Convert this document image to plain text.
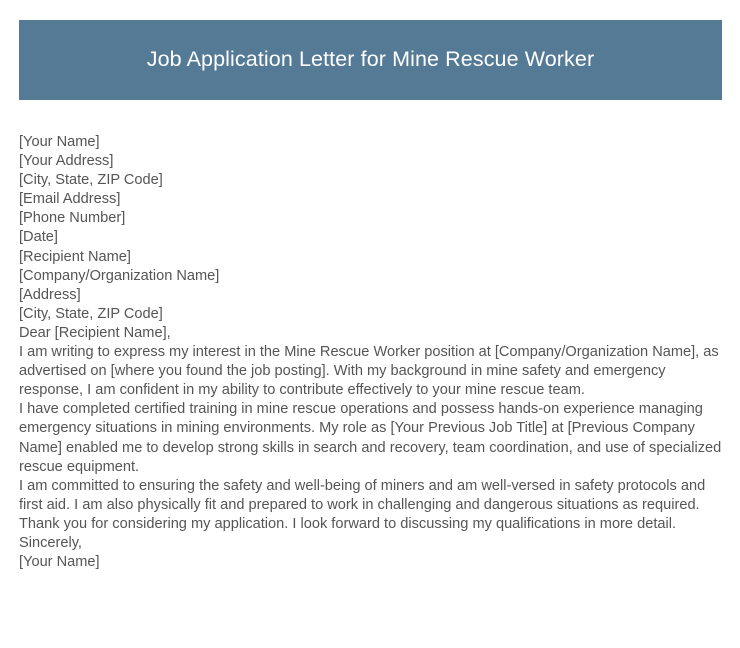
Job Application Letter for Mine Rescue Worker
[Your Name]
[Your Address]
[City, State, ZIP Code]
[Email Address]
[Phone Number]
[Date]
[Recipient Name]
[Company/Organization Name]
[Address]
[City, State, ZIP Code]
Dear [Recipient Name],
I am writing to express my interest in the Mine Rescue Worker position at [Company/Organization Name], as advertised on [where you found the job posting]. With my background in mine safety and emergency response, I am confident in my ability to contribute effectively to your mine rescue team.
I have completed certified training in mine rescue operations and possess hands-on experience managing emergency situations in mining environments. My role as [Your Previous Job Title] at [Previous Company Name] enabled me to develop strong skills in search and recovery, team coordination, and use of specialized rescue equipment.
I am committed to ensuring the safety and well-being of miners and am well-versed in safety protocols and first aid. I am also physically fit and prepared to work in challenging and dangerous situations as required.
Thank you for considering my application. I look forward to discussing my qualifications in more detail.
Sincerely,
[Your Name]
